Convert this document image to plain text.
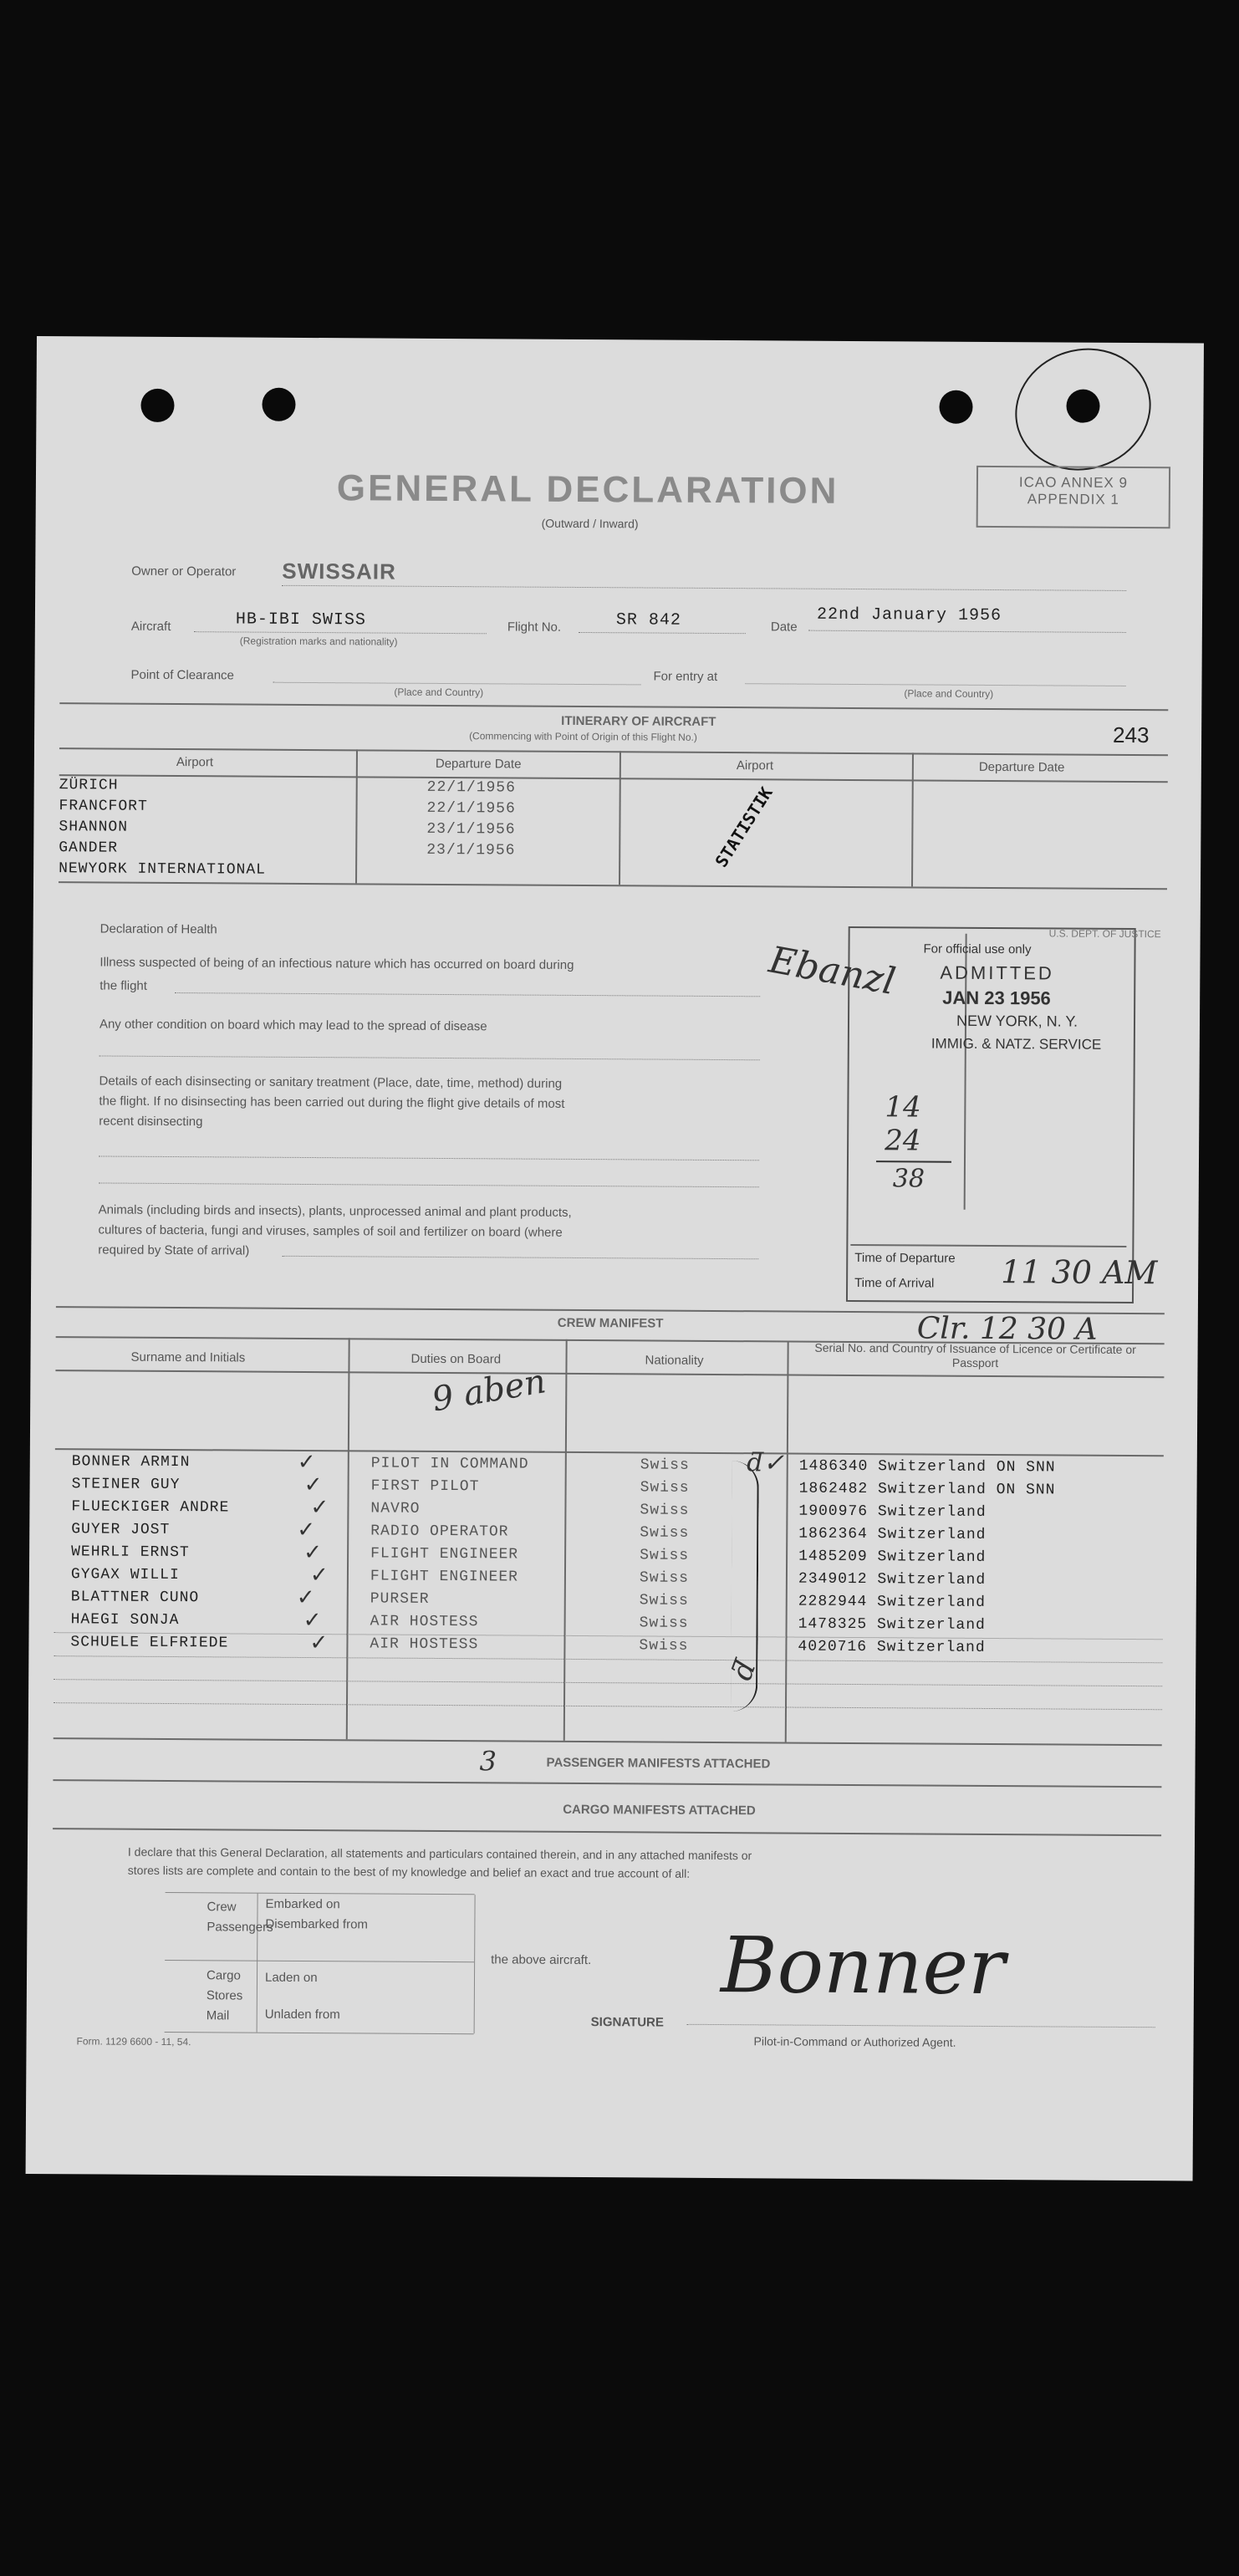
GENERAL DECLARATION
(Outward / Inward)
ICAO ANNEX 9
APPENDIX 1
Owner or Operator SWISSAIR
Aircraft	HB-IBI SWISS
(Registration marks and nationality)
Flight No.	SR 842	Date
22nd January 1956
Point of Clearance
(Place and Country)
For entry at
(Place and Country)
ITINERARY OF AIRCRAFT
(Commencing with Point of Origin of this Flight No.)	243
Airport	Departure Date	Airport	Departure Date
ZÜRICH	22/1/1956
FRANCFORT	22/1/1956
SHANNON	23/1/1956
GANDER	23/1/1956
NEWYORK INTERNATIONAL	STATISTIK
Declaration of Health
Illness suspected of being of an infectious nature which has occurred on board during
the flight
Any other condition on board which may lead to the spread of disease
Details of each disinsecting or sanitary treatment (Place, date, time, method) during
the flight. If no disinsecting has been carried out during the flight give details of most
recent disinsecting
Animals (including birds and insects), plants, unprocessed animal and plant products,
cultures of bacteria, fungi and viruses, samples of soil and fertilizer on board (where
required by State of arrival)
For official use only
U.S. DEPT. OF JUSTICE
ADMITTED
JAN 23 1956
NEW YORK, N. Y.
IMMIG. & NATZ. SERVICE
Ebanzl
14
24
38
Time of Departure
Time of Arrival 11 30 AM
CREW MANIFEST	Clr. 12 30 A
Surname and Initials	Duties on Board	Nationality
Serial No. and Country of Issuance of Licence or Certificate or Passport
9 aben
BONNER ARMIN	PILOT IN COMMAND	Swiss	1486340 Switzerland ON SNN
✓
STEINER GUY	FIRST PILOT	Swiss	1862482 Switzerland ON SNN
✓
FLUECKIGER ANDRE	NAVRO	Swiss	1900976 Switzerland
✓
GUYER JOST	RADIO OPERATOR	Swiss	1862364 Switzerland
✓
WEHRLI ERNST	FLIGHT ENGINEER	Swiss	1485209 Switzerland
✓
GYGAX WILLI	FLIGHT ENGINEER	Swiss	2349012 Switzerland
✓
BLATTNER CUNO	PURSER	Swiss	2282944 Switzerland
✓
HAEGI SONJA	AIR HOSTESS	Swiss	1478325 Switzerland
✓
SCHUELE ELFRIEDE	AIR HOSTESS	Swiss	4020716 Switzerland
✓
ƌ✓
ƌ
3	PASSENGER MANIFESTS ATTACHED
CARGO MANIFESTS ATTACHED
I declare that this General Declaration, all statements and particulars contained therein, and in any attached manifests or
stores lists are complete and contain to the best of my knowledge and belief an exact and true account of all:
Crew
Passengers
Embarked on
Disembarked from
Cargo
Stores
Mail
Laden on
Unladen from
the above aircraft. Bonner
SIGNATURE
Pilot-in-Command or Authorized Agent.
Form. 1129 6600 - 11, 54.
